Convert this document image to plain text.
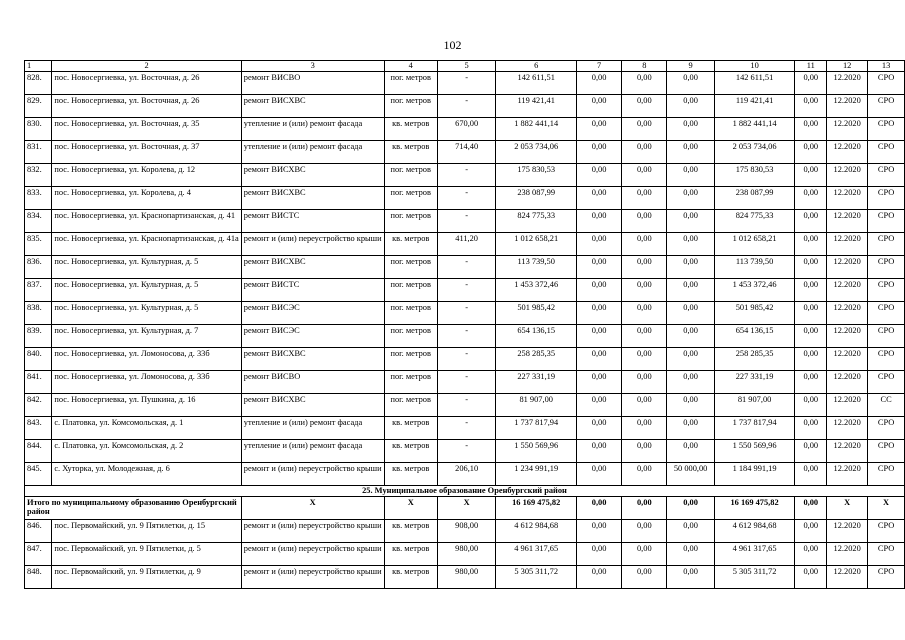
102
1	2	3	4	5	6	7	8	9	10	11	12	13
828.	пос. Новосергиевка, ул. Восточная, д. 26	ремонт ВИСВО	пог. метров	-	142 611,51	0,00	0,00	0,00	142 611,51	0,00	12.2020	СРО
829.	пос. Новосергиевка, ул. Восточная, д. 26	ремонт ВИСХВС	пог. метров	-	119 421,41	0,00	0,00	0,00	119 421,41	0,00	12.2020	СРО
830.	пос. Новосергиевка, ул. Восточная, д. 35	утепление и (или) ремонт фасада	кв. метров	670,00	1 882 441,14	0,00	0,00	0,00	1 882 441,14	0,00	12.2020	СРО
831.	пос. Новосергиевка, ул. Восточная, д. 37	утепление и (или) ремонт фасада	кв. метров	714,40	2 053 734,06	0,00	0,00	0,00	2 053 734,06	0,00	12.2020	СРО
832.	пос. Новосергиевка, ул. Королева, д. 12	ремонт ВИСХВС	пог. метров	-	175 830,53	0,00	0,00	0,00	175 830,53	0,00	12.2020	СРО
833.	пос. Новосергиевка, ул. Королева, д. 4	ремонт ВИСХВС	пог. метров	-	238 087,99	0,00	0,00	0,00	238 087,99	0,00	12.2020	СРО
834.	пос. Новосергиевка, ул. Краснопартизанская, д. 41	ремонт ВИСТС	пог. метров	-	824 775,33	0,00	0,00	0,00	824 775,33	0,00	12.2020	СРО
835.	пос. Новосергиевка, ул. Краснопартизанская, д. 41а	ремонт и (или) переустройство крыши	кв. метров	411,20	1 012 658,21	0,00	0,00	0,00	1 012 658,21	0,00	12.2020	СРО
836.	пос. Новосергиевка, ул. Культурная, д. 5	ремонт ВИСХВС	пог. метров	-	113 739,50	0,00	0,00	0,00	113 739,50	0,00	12.2020	СРО
837.	пос. Новосергиевка, ул. Культурная, д. 5	ремонт ВИСТС	пог. метров	-	1 453 372,46	0,00	0,00	0,00	1 453 372,46	0,00	12.2020	СРО
838.	пос. Новосергиевка, ул. Культурная, д. 5	ремонт ВИСЭС	пог. метров	-	501 985,42	0,00	0,00	0,00	501 985,42	0,00	12.2020	СРО
839.	пос. Новосергиевка, ул. Культурная, д. 7	ремонт ВИСЭС	пог. метров	-	654 136,15	0,00	0,00	0,00	654 136,15	0,00	12.2020	СРО
840.	пос. Новосергиевка, ул. Ломоносова, д. 33б	ремонт ВИСХВС	пог. метров	-	258 285,35	0,00	0,00	0,00	258 285,35	0,00	12.2020	СРО
841.	пос. Новосергиевка, ул. Ломоносова, д. 33б	ремонт ВИСВО	пог. метров	-	227 331,19	0,00	0,00	0,00	227 331,19	0,00	12.2020	СРО
842.	пос. Новосергиевка, ул. Пушкина, д. 16	ремонт ВИСХВС	пог. метров	-	81 907,00	0,00	0,00	0,00	81 907,00	0,00	12.2020	СС
843.	с. Платовка, ул. Комсомольская, д. 1	утепление и (или) ремонт фасада	кв. метров	-	1 737 817,94	0,00	0,00	0,00	1 737 817,94	0,00	12.2020	СРО
844.	с. Платовка, ул. Комсомольская, д. 2	утепление и (или) ремонт фасада	кв. метров	-	1 550 569,96	0,00	0,00	0,00	1 550 569,96	0,00	12.2020	СРО
845.	с. Хуторка, ул. Молодежная, д. 6	ремонт и (или) переустройство крыши	кв. метров	206,10	1 234 991,19	0,00	0,00	50 000,00	1 184 991,19	0,00	12.2020	СРО
25. Муниципальное образование Оренбургский район												
Итого по муниципальному образованию Оренбургский район		Х	Х	Х	16 169 475,82	0,00	0,00	0,00	16 169 475,82	0,00	Х	Х
846.	пос. Первомайский, ул. 9 Пятилетки, д. 15	ремонт и (или) переустройство крыши	кв. метров	908,00	4 612 984,68	0,00	0,00	0,00	4 612 984,68	0,00	12.2020	СРО
847.	пос. Первомайский, ул. 9 Пятилетки, д. 5	ремонт и (или) переустройство крыши	кв. метров	980,00	4 961 317,65	0,00	0,00	0,00	4 961 317,65	0,00	12.2020	СРО
848.	пос. Первомайский, ул. 9 Пятилетки, д. 9	ремонт и (или) переустройство крыши	кв. метров	980,00	5 305 311,72	0,00	0,00	0,00	5 305 311,72	0,00	12.2020	СРО
